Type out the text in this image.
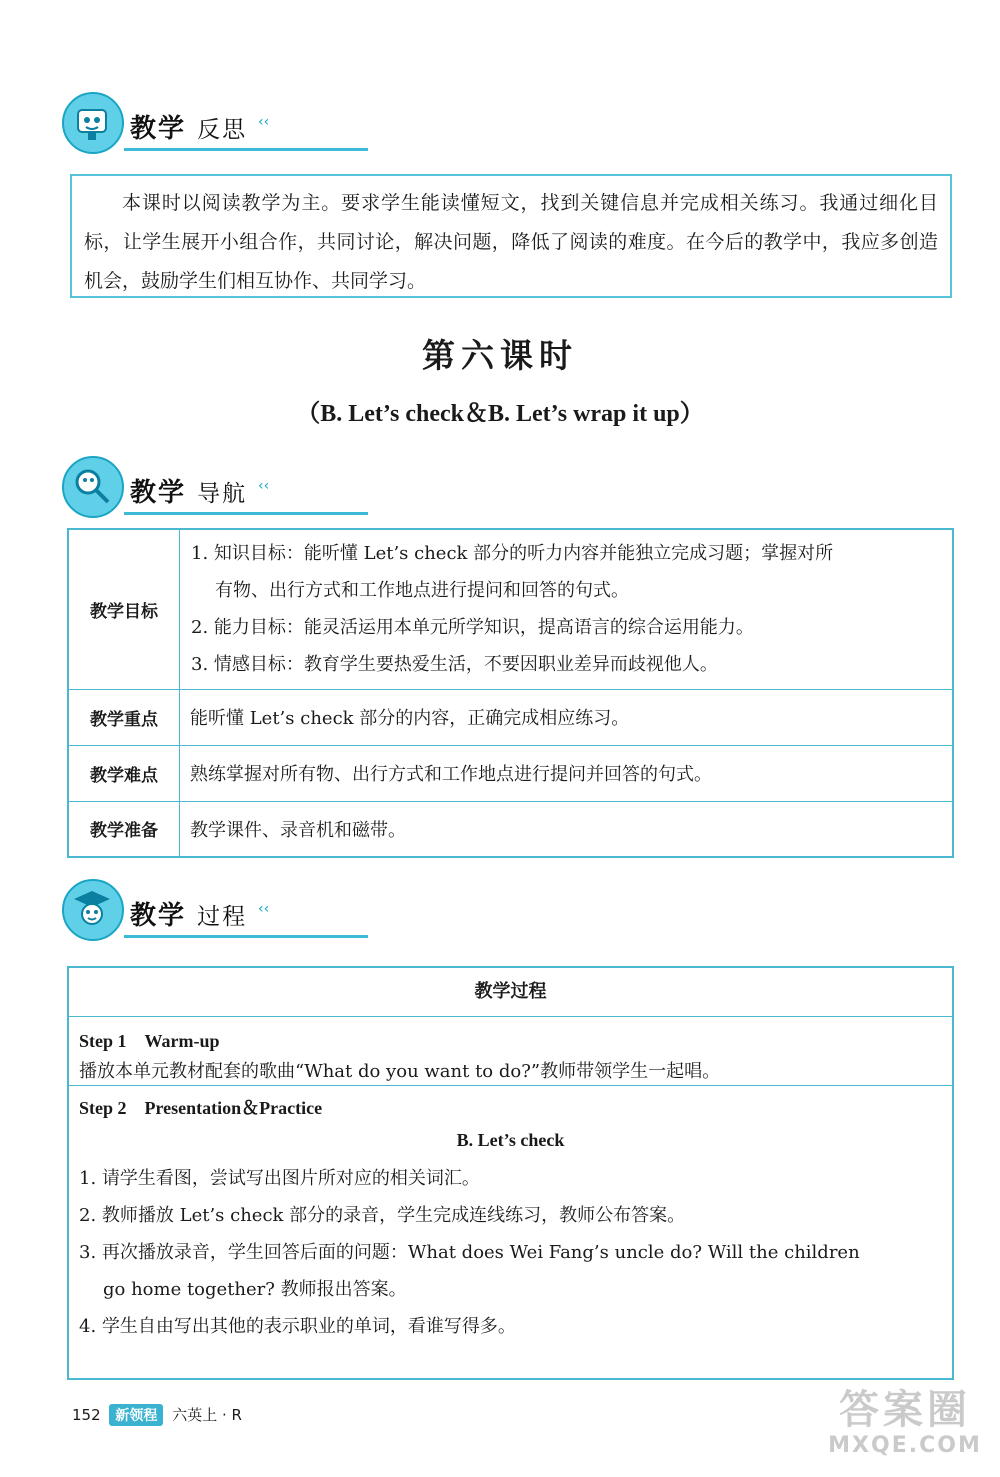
教学 反思 ‹‹
本课时以阅读教学为主。要求学生能读懂短文，找到关键信息并完成相关练习。我通过细化目标，让学生展开小组合作，共同讨论，解决问题，降低了阅读的难度。在今后的教学中，我应多创造机会，鼓励学生们相互协作、共同学习。
第六课时
（B. Let’s check＆B. Let’s wrap it up）
教学 导航 ‹‹
教学目标	1. 知识目标：能听懂 Let’s check 部分的听力内容并能独立完成习题；掌握对所
有物、出行方式和工作地点进行提问和回答的句式。
2. 能力目标：能灵活运用本单元所学知识，提高语言的综合运用能力。
3. 情感目标：教育学生要热爱生活，不要因职业差异而歧视他人。

教学重点	能听懂 Let’s check 部分的内容，正确完成相应练习。
教学难点	熟练掌握对所有物、出行方式和工作地点进行提问并回答的句式。
教学准备	教学课件、录音机和磁带。
教学 过程 ‹‹
教学过程
Step 1　Warm-up
播放本单元教材配套的歌曲“What do you want to do?”教师带领学生一起唱。
Step 2　Presentation＆Practice
B. Let’s check
1. 请学生看图，尝试写出图片所对应的相关词汇。
2. 教师播放 Let’s check 部分的录音，学生完成连线练习，教师公布答案。
3. 再次播放录音，学生回答后面的问题：What does Wei Fang’s uncle do? Will the children
go home together? 教师报出答案。
4. 学生自由写出其他的表示职业的单词，看谁写得多。
152 新领程 六英上 · R	答案圈
MXQE.COM
